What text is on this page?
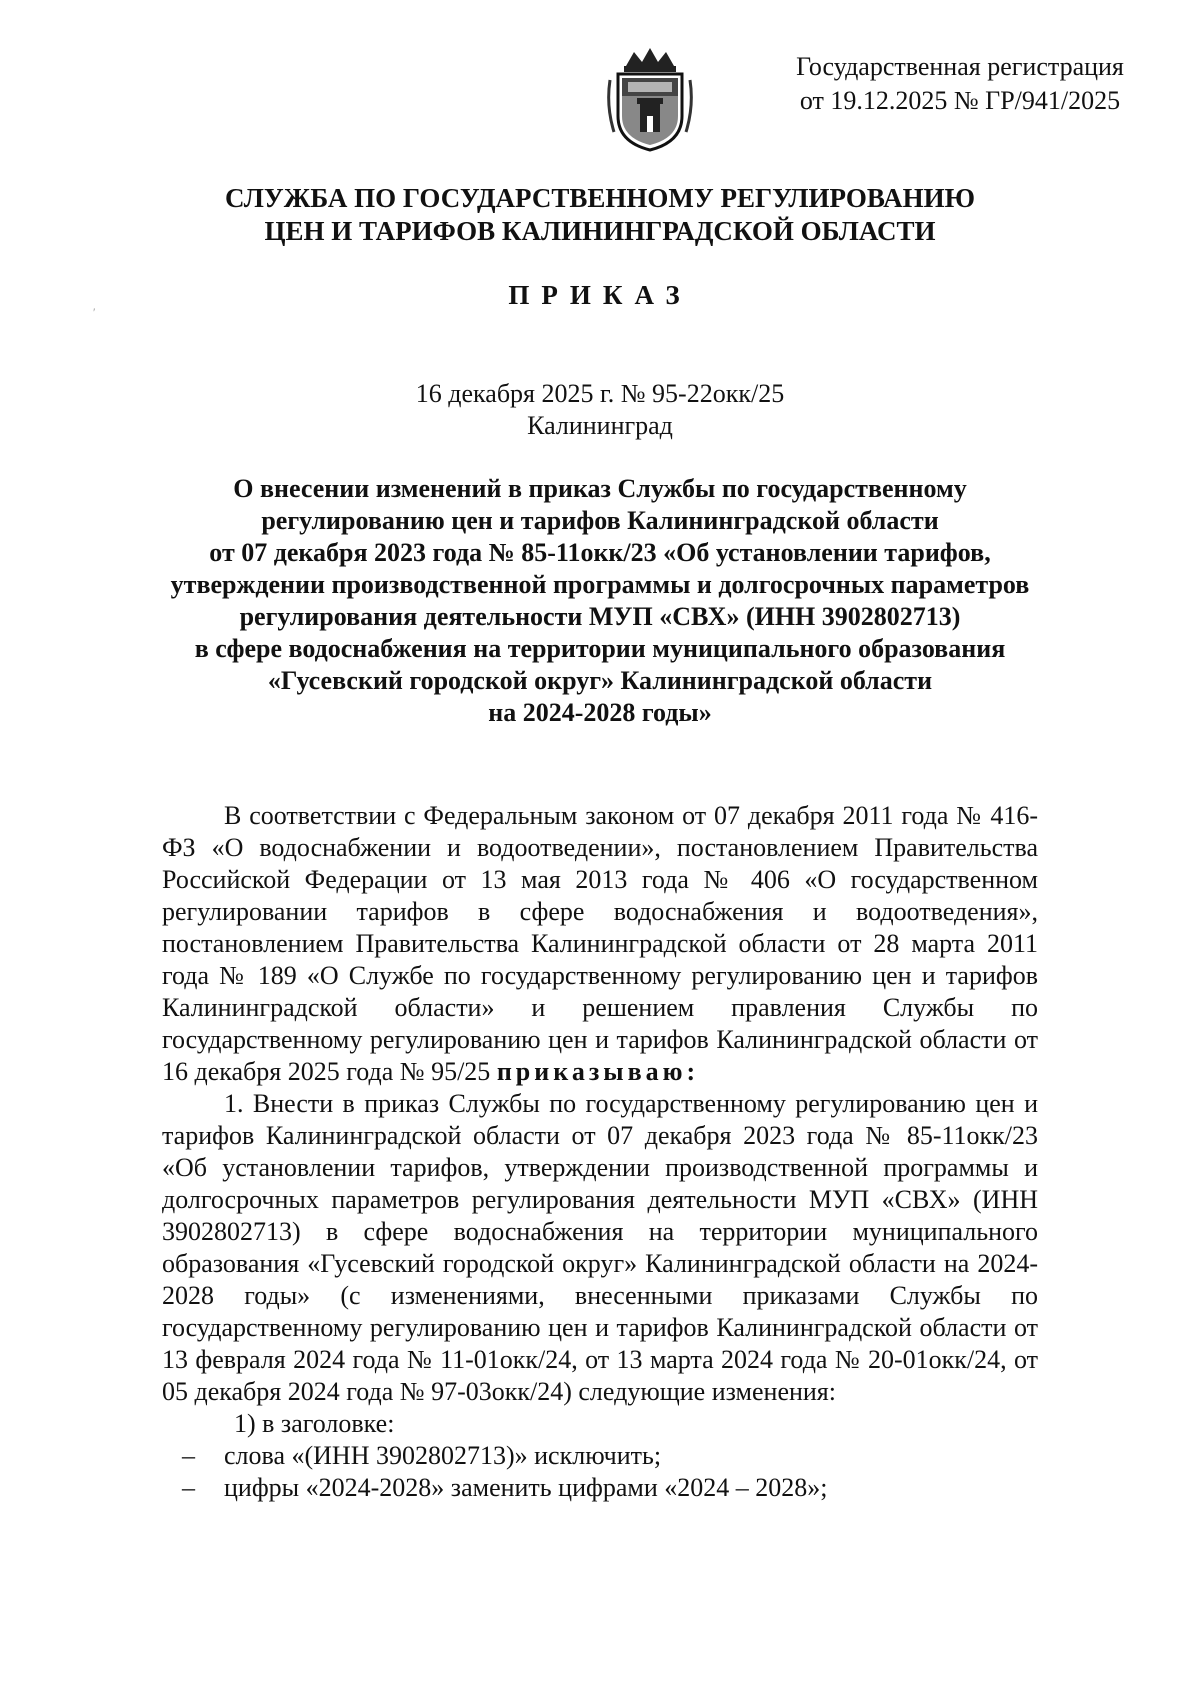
Государственная регистрация
от 19.12.2025 № ГР/941/2025
СЛУЖБА ПО ГОСУДАРСТВЕННОМУ РЕГУЛИРОВАНИЮ
ЦЕН И ТАРИФОВ КАЛИНИНГРАДСКОЙ ОБЛАСТИ
ПРИКАЗ
′
16 декабря 2025 г. № 95-22окк/25
Калининград
О внесении изменений в приказ Службы по государственному
регулированию цен и тарифов Калининградской области
от 07 декабря 2023 года № 85-11окк/23 «Об установлении тарифов,
утверждении производственной программы и долгосрочных параметров
регулирования деятельности МУП «СВХ» (ИНН 3902802713)
в сфере водоснабжения на территории муниципального образования
«Гусевский городской округ» Калининградской области
на 2024-2028 годы»

В соответствии с Федеральным законом от 07 декабря 2011 года № 416-ФЗ «О водоснабжении и водоотведении», постановлением Правительства Российской Федерации от 13 мая 2013 года № 406 «О государственном регулировании тарифов в сфере водоснабжения и водоотведения», постановлением Правительства Калининградской области от 28 марта 2011 года № 189 «О Службе по государственному регулированию цен и тарифов Калининградской области» и решением правления Службы по государственному регулированию цен и тарифов Калининградской области от 16 декабря 2025 года № 95/25 приказываю:

1. Внести в приказ Службы по государственному регулированию цен и тарифов Калининградской области от 07 декабря 2023 года № 85-11окк/23 «Об установлении тарифов, утверждении производственной программы и долгосрочных параметров регулирования деятельности МУП «СВХ» (ИНН 3902802713) в сфере водоснабжения на территории муниципального образования «Гусевский городской округ» Калининградской области на 2024-2028 годы» (с изменениями, внесенными приказами Службы по государственному регулированию цен и тарифов Калининградской области от 13 февраля 2024 года № 11-01окк/24, от 13 марта 2024 года № 20-01окк/24, от 05 декабря 2024 года № 97-03окк/24) следующие изменения:

1) в заголовке:

–	слова «(ИНН 3902802713)» исключить;
–	цифры «2024-2028» заменить цифрами «2024 – 2028»;
